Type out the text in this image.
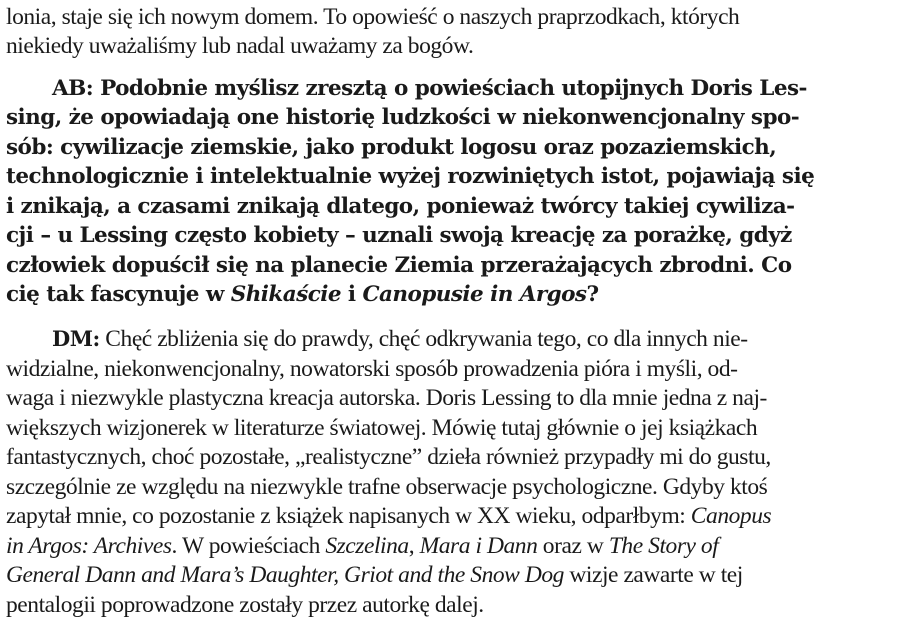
lonia, staje się ich nowym domem. To opowieść o naszych praprzodkach, których
niekiedy uważaliśmy lub nadal uważamy za bogów.
AB: Podobnie myślisz zresztą o powieściach utopijnych Doris Les-
sing, że opowiadają one historię ludzkości w niekonwencjonalny spo-
sób: cywilizacje ziemskie, jako produkt logosu oraz pozaziemskich,
technologicznie i intelektualnie wyżej rozwiniętych istot, pojawiają się
i znikają, a czasami znikają dlatego, ponieważ twórcy takiej cywiliza-
cji – u Lessing często kobiety – uznali swoją kreację za porażkę, gdyż
człowiek dopuścił się na planecie Ziemia przerażających zbrodni. Co
cię tak fascynuje w Shikaście i Canopusie in Argos?
DM: Chęć zbliżenia się do prawdy, chęć odkrywania tego, co dla innych nie-
widzialne, niekonwencjonalny, nowatorski sposób prowadzenia pióra i myśli, od-
waga i niezwykle plastyczna kreacja autorska. Doris Lessing to dla mnie jedna z naj-
większych wizjonerek w literaturze światowej. Mówię tutaj głównie o jej książkach
fantastycznych, choć pozostałe, „realistyczne” dzieła również przypadły mi do gustu,
szczególnie ze względu na niezwykle trafne obserwacje psychologiczne. Gdyby ktoś
zapytał mnie, co pozostanie z książek napisanych w XX wieku, odparłbym: Canopus
in Argos: Archives. W powieściach Szczelina, Mara i Dann oraz w The Story of
General Dann and Mara’s Daughter, Griot and the Snow Dog wizje zawarte w tej
pentalogii poprowadzone zostały przez autorkę dalej.
